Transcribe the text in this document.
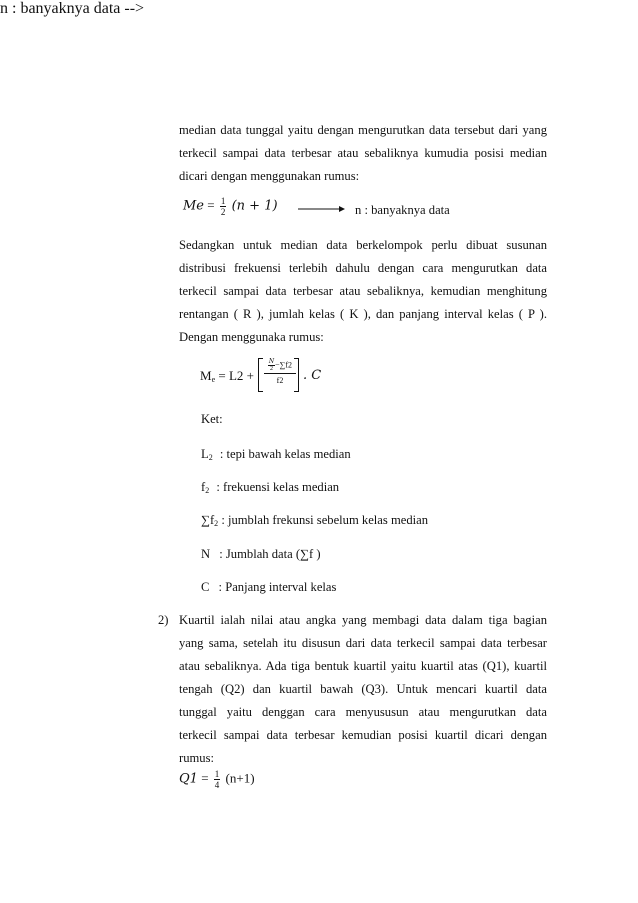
median data tunggal yaitu dengan mengurutkan data tersebut dari yang
terkecil sampai data terbesar atau sebaliknya kumudia posisi median
dicari dengan menggunakan rumus:
n : banyaknya data -->
$Me = \frac{1}{2} (n + 1)$	n : banyaknya data
Sedangkan untuk median data berkelompok perlu dibuat susunan
distribusi frekuensi terlebih dahulu dengan cara mengurutkan data
terkecil sampai data terbesar atau sebaliknya, kemudian menghitung
rentangan ( R ), jumlah kelas ( K ), dan panjang interval kelas ( P ).
Dengan menggunaka rumus:
$M_e = L2 + \frac{\frac{N}{2} -\sum f2}{f2}$ . C
Ket:
$L_2$ : tepi bawah kelas median
$f_2$ : frekuensi kelas median
$\sum f_2$ : jumblah frekunsi sebelum kelas median
N : Jumblah data (∑f )
C : Panjang interval kelas
2) Kuartil ialah nilai atau angka yang membagi data dalam tiga bagian
yang sama, setelah itu disusun dari data terkecil sampai data terbesar
atau sebaliknya. Ada tiga bentuk kuartil yaitu kuartil atas (Q1), kuartil
tengah (Q2) dan kuartil bawah (Q3). Untuk mencari kuartil data
tunggal yaitu denggan cara menyususun atau mengurutkan data
terkecil sampai data terbesar kemudian posisi kuartil dicari dengan
rumus:
$Q1 = \frac{1}{4} (n+1)$
